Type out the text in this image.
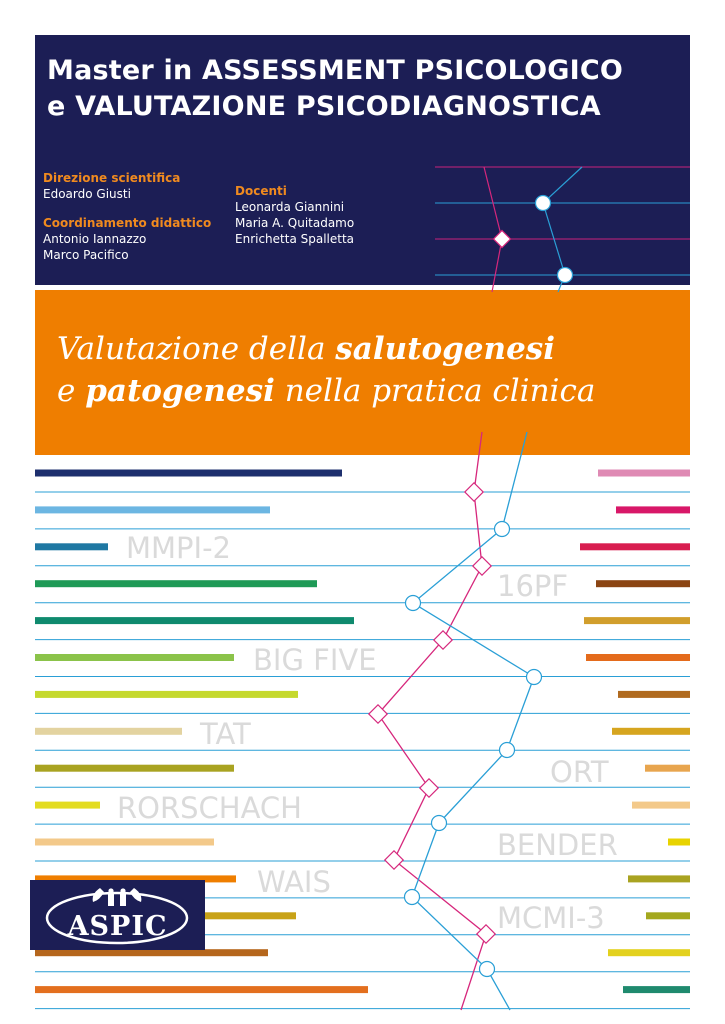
Master in ASSESSMENT PSICOLOGICO
e VALUTAZIONE PSICODIAGNOSTICA
Direzione scientifica
Edoardo Giusti
Coordinamento didattico
Antonio Iannazzo
Marco Pacifico
Docenti
Leonarda Giannini
Maria A. Quitadamo
Enrichetta Spalletta
Valutazione della salutogenesi
e patogenesi nella pratica clinica
MMPI-2
16PF
BIG FIVE
TAT
ORT
RORSCHACH
BENDER
WAIS
MCMI-3
ASPIC
